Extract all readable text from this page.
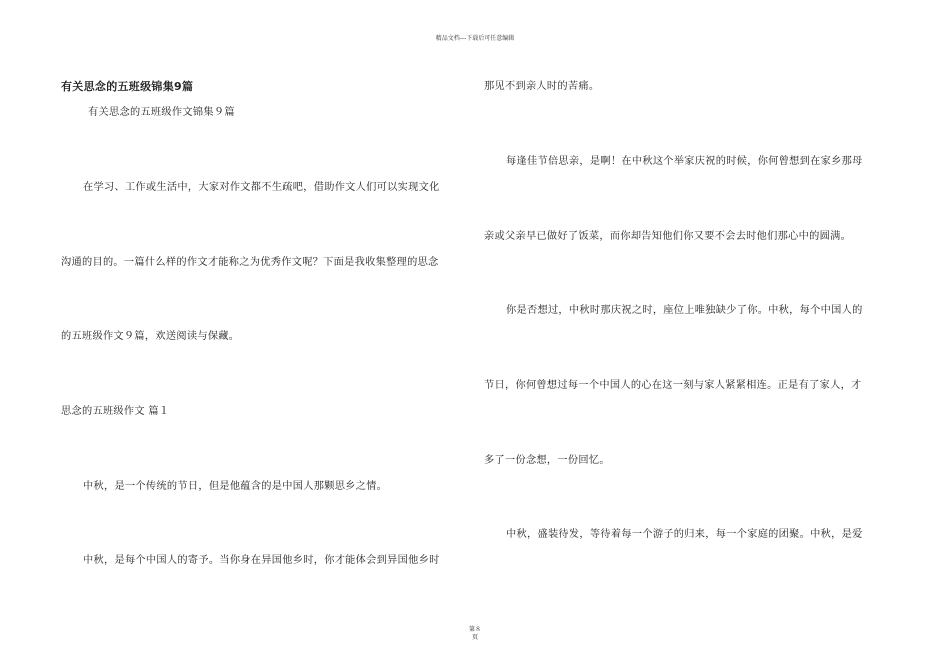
精品文档---下载后可任意编辑
有关思念的五班级锦集9篇
有关思念的五班级作文锦集９篇
在学习、工作或生活中，大家对作文都不生疏吧，借助作文人们可以实现文化
沟通的目的。一篇什么样的作文才能称之为优秀作文呢？下面是我收集整理的思念
的五班级作文９篇，欢送阅读与保藏。
思念的五班级作文 篇１
中秋，是一个传统的节日，但是他蕴含的是中国人那颗思乡之情。
中秋，是每个中国人的寄予。当你身在异国他乡时，你才能体会到异国他乡时
那见不到亲人时的苦痛。
每逢佳节倍思亲，是啊！在中秋这个举家庆祝的时候，你何曾想到在家乡那母
亲或父亲早已做好了饭菜，而你却告知他们你又要不会去时他们那心中的圆满。
你是否想过，中秋时那庆祝之时，座位上唯独缺少了你。中秋，每个中国人的
节日，你何曾想过每一个中国人的心在这一刻与家人紧紧相连。正是有了家人，才
多了一份念想，一份回忆。
中秋，盛装待发，等待着每一个游子的归来，每一个家庭的团聚。中秋，是爱
第８
页
